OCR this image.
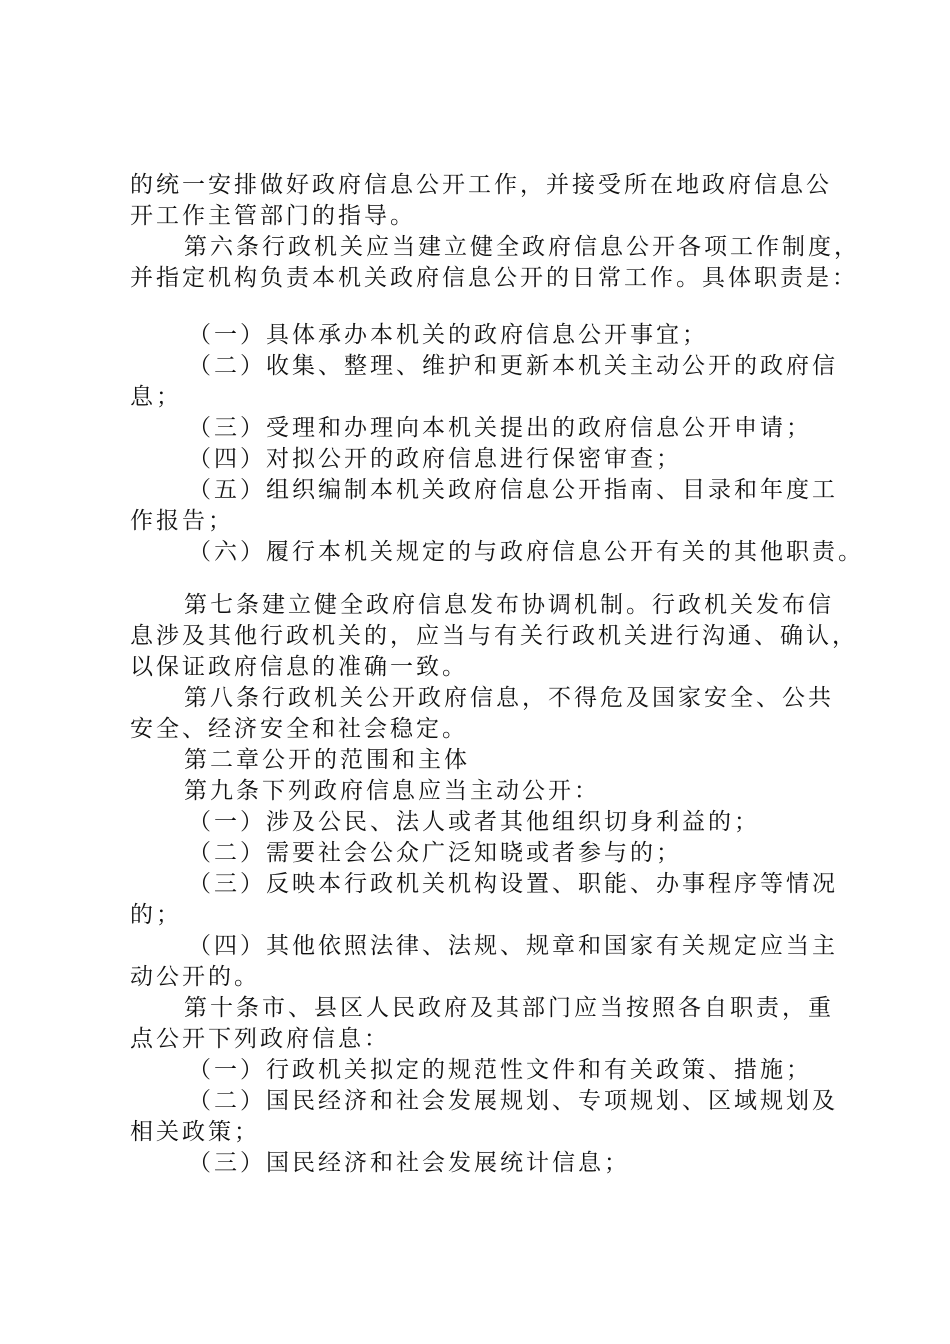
的统一安排做好政府信息公开工作，并接受所在地政府信息公
开工作主管部门的指导。
第六条行政机关应当建立健全政府信息公开各项工作制度，
并指定机构负责本机关政府信息公开的日常工作。具体职责是：
（一）具体承办本机关的政府信息公开事宜；
（二）收集、整理、维护和更新本机关主动公开的政府信
息；
（三）受理和办理向本机关提出的政府信息公开申请；
（四）对拟公开的政府信息进行保密审查；
（五）组织编制本机关政府信息公开指南、目录和年度工
作报告；
（六）履行本机关规定的与政府信息公开有关的其他职责。
第七条建立健全政府信息发布协调机制。行政机关发布信
息涉及其他行政机关的，应当与有关行政机关进行沟通、确认，
以保证政府信息的准确一致。
第八条行政机关公开政府信息，不得危及国家安全、公共
安全、经济安全和社会稳定。
第二章公开的范围和主体
第九条下列政府信息应当主动公开：
（一）涉及公民、法人或者其他组织切身利益的；
（二）需要社会公众广泛知晓或者参与的；
（三）反映本行政机关机构设置、职能、办事程序等情况
的；
（四）其他依照法律、法规、规章和国家有关规定应当主
动公开的。
第十条市、县区人民政府及其部门应当按照各自职责，重
点公开下列政府信息：
（一）行政机关拟定的规范性文件和有关政策、措施；
（二）国民经济和社会发展规划、专项规划、区域规划及
相关政策；
（三）国民经济和社会发展统计信息；
